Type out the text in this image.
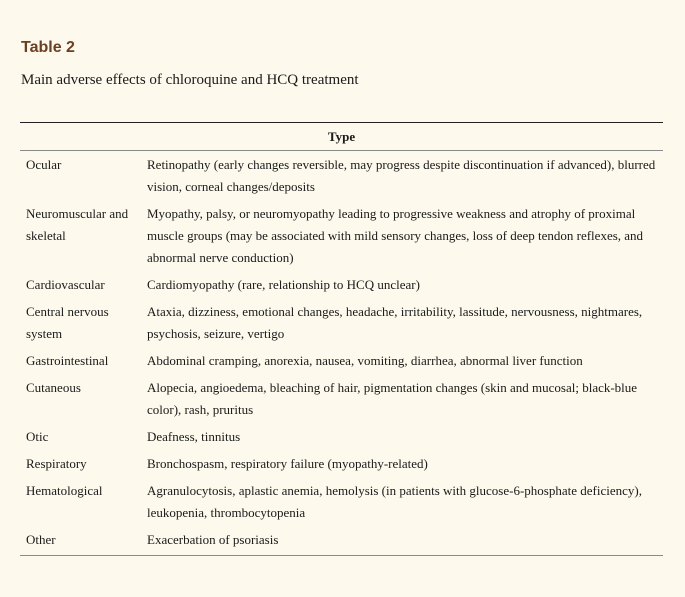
Table 2
Main adverse effects of chloroquine and HCQ treatment
Type	
Ocular	Retinopathy (early changes reversible, may progress despite discontinuation if advanced), blurred vision, corneal changes/deposits
Neuromuscular and skeletal	Myopathy, palsy, or neuromyopathy leading to progressive weakness and atrophy of proximal muscle groups (may be associated with mild sensory changes, loss of deep tendon reflexes, and abnormal nerve conduction)
Cardiovascular	Cardiomyopathy (rare, relationship to HCQ unclear)
Central nervous system	Ataxia, dizziness, emotional changes, headache, irritability, lassitude, nervousness, nightmares, psychosis, seizure, vertigo
Gastrointestinal	Abdominal cramping, anorexia, nausea, vomiting, diarrhea, abnormal liver function
Cutaneous	Alopecia, angioedema, bleaching of hair, pigmentation changes (skin and mucosal; black-blue color), rash, pruritus
Otic	Deafness, tinnitus
Respiratory	Bronchospasm, respiratory failure (myopathy-related)
Hematological	Agranulocytosis, aplastic anemia, hemolysis (in patients with glucose-6-phosphate deficiency), leukopenia, thrombocytopenia
Other	Exacerbation of psoriasis
